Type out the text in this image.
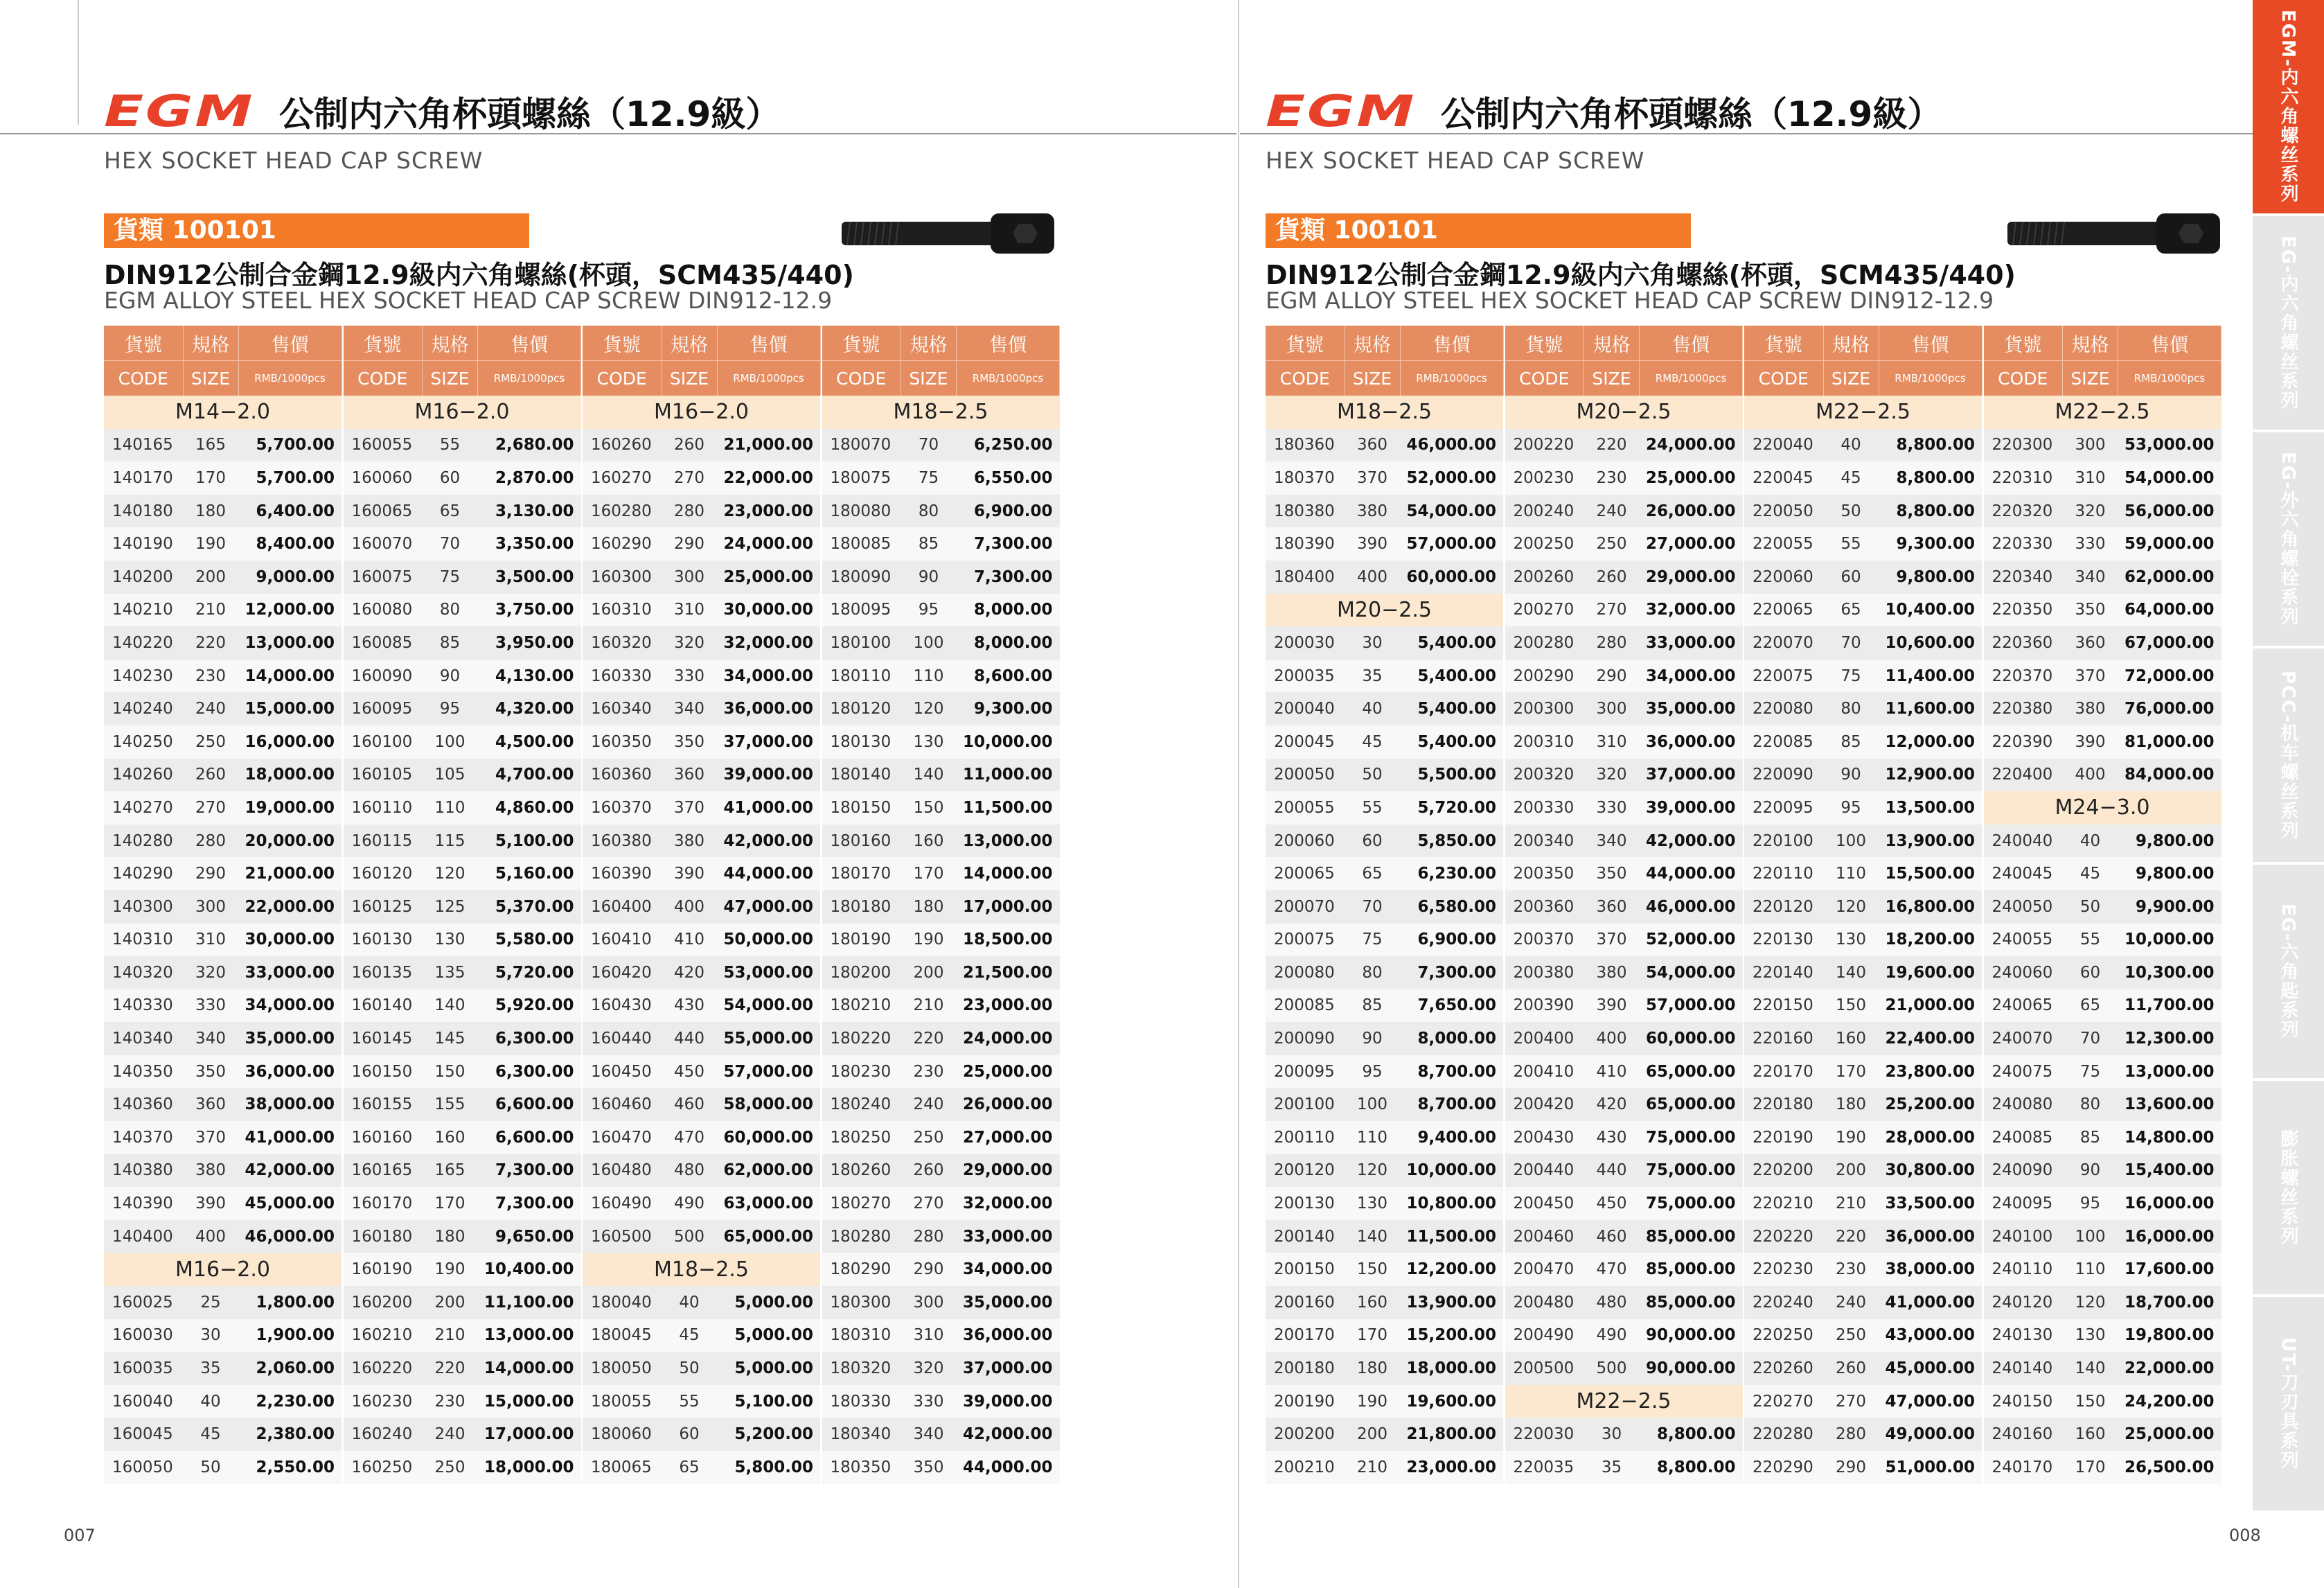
EGM 公制内六角杯頭螺絲（12.9級）
HEX SOCKET HEAD CAP SCREW
貨類 100101
DIN912公制合金鋼12.9級内六角螺絲(杯頭，SCM435/440)
EGM ALLOY STEEL HEX SOCKET HEAD CAP SCREW DIN912-12.9
貨號	規格	售價
CODE	SIZE	RMB/1000pcs
M14−2.0		
140165	165	5,700.00
140170	170	5,700.00
140180	180	6,400.00
140190	190	8,400.00
140200	200	9,000.00
140210	210	12,000.00
140220	220	13,000.00
140230	230	14,000.00
140240	240	15,000.00
140250	250	16,000.00
140260	260	18,000.00
140270	270	19,000.00
140280	280	20,000.00
140290	290	21,000.00
140300	300	22,000.00
140310	310	30,000.00
140320	320	33,000.00
140330	330	34,000.00
140340	340	35,000.00
140350	350	36,000.00
140360	360	38,000.00
140370	370	41,000.00
140380	380	42,000.00
140390	390	45,000.00
140400	400	46,000.00
M16−2.0		
160025	25	1,800.00
160030	30	1,900.00
160035	35	2,060.00
160040	40	2,230.00
160045	45	2,380.00
160050	50	2,550.00
貨號	規格	售價
CODE	SIZE	RMB/1000pcs
M16−2.0		
160055	55	2,680.00
160060	60	2,870.00
160065	65	3,130.00
160070	70	3,350.00
160075	75	3,500.00
160080	80	3,750.00
160085	85	3,950.00
160090	90	4,130.00
160095	95	4,320.00
160100	100	4,500.00
160105	105	4,700.00
160110	110	4,860.00
160115	115	5,100.00
160120	120	5,160.00
160125	125	5,370.00
160130	130	5,580.00
160135	135	5,720.00
160140	140	5,920.00
160145	145	6,300.00
160150	150	6,300.00
160155	155	6,600.00
160160	160	6,600.00
160165	165	7,300.00
160170	170	7,300.00
160180	180	9,650.00
160190	190	10,400.00
160200	200	11,100.00
160210	210	13,000.00
160220	220	14,000.00
160230	230	15,000.00
160240	240	17,000.00
160250	250	18,000.00
貨號	規格	售價
CODE	SIZE	RMB/1000pcs
M16−2.0		
160260	260	21,000.00
160270	270	22,000.00
160280	280	23,000.00
160290	290	24,000.00
160300	300	25,000.00
160310	310	30,000.00
160320	320	32,000.00
160330	330	34,000.00
160340	340	36,000.00
160350	350	37,000.00
160360	360	39,000.00
160370	370	41,000.00
160380	380	42,000.00
160390	390	44,000.00
160400	400	47,000.00
160410	410	50,000.00
160420	420	53,000.00
160430	430	54,000.00
160440	440	55,000.00
160450	450	57,000.00
160460	460	58,000.00
160470	470	60,000.00
160480	480	62,000.00
160490	490	63,000.00
160500	500	65,000.00
M18−2.5		
180040	40	5,000.00
180045	45	5,000.00
180050	50	5,000.00
180055	55	5,100.00
180060	60	5,200.00
180065	65	5,800.00
貨號	規格	售價
CODE	SIZE	RMB/1000pcs
M18−2.5		
180070	70	6,250.00
180075	75	6,550.00
180080	80	6,900.00
180085	85	7,300.00
180090	90	7,300.00
180095	95	8,000.00
180100	100	8,000.00
180110	110	8,600.00
180120	120	9,300.00
180130	130	10,000.00
180140	140	11,000.00
180150	150	11,500.00
180160	160	13,000.00
180170	170	14,000.00
180180	180	17,000.00
180190	190	18,500.00
180200	200	21,500.00
180210	210	23,000.00
180220	220	24,000.00
180230	230	25,000.00
180240	240	26,000.00
180250	250	27,000.00
180260	260	29,000.00
180270	270	32,000.00
180280	280	33,000.00
180290	290	34,000.00
180300	300	35,000.00
180310	310	36,000.00
180320	320	37,000.00
180330	330	39,000.00
180340	340	42,000.00
180350	350	44,000.00
007
EGM 公制内六角杯頭螺絲（12.9級）
HEX SOCKET HEAD CAP SCREW
貨類 100101
DIN912公制合金鋼12.9級内六角螺絲(杯頭，SCM435/440)
EGM ALLOY STEEL HEX SOCKET HEAD CAP SCREW DIN912-12.9
貨號	規格	售價
CODE	SIZE	RMB/1000pcs
M18−2.5		
180360	360	46,000.00
180370	370	52,000.00
180380	380	54,000.00
180390	390	57,000.00
180400	400	60,000.00
M20−2.5		
200030	30	5,400.00
200035	35	5,400.00
200040	40	5,400.00
200045	45	5,400.00
200050	50	5,500.00
200055	55	5,720.00
200060	60	5,850.00
200065	65	6,230.00
200070	70	6,580.00
200075	75	6,900.00
200080	80	7,300.00
200085	85	7,650.00
200090	90	8,000.00
200095	95	8,700.00
200100	100	8,700.00
200110	110	9,400.00
200120	120	10,000.00
200130	130	10,800.00
200140	140	11,500.00
200150	150	12,200.00
200160	160	13,900.00
200170	170	15,200.00
200180	180	18,000.00
200190	190	19,600.00
200200	200	21,800.00
200210	210	23,000.00
貨號	規格	售價
CODE	SIZE	RMB/1000pcs
M20−2.5		
200220	220	24,000.00
200230	230	25,000.00
200240	240	26,000.00
200250	250	27,000.00
200260	260	29,000.00
200270	270	32,000.00
200280	280	33,000.00
200290	290	34,000.00
200300	300	35,000.00
200310	310	36,000.00
200320	320	37,000.00
200330	330	39,000.00
200340	340	42,000.00
200350	350	44,000.00
200360	360	46,000.00
200370	370	52,000.00
200380	380	54,000.00
200390	390	57,000.00
200400	400	60,000.00
200410	410	65,000.00
200420	420	65,000.00
200430	430	75,000.00
200440	440	75,000.00
200450	450	75,000.00
200460	460	85,000.00
200470	470	85,000.00
200480	480	85,000.00
200490	490	90,000.00
200500	500	90,000.00
M22−2.5		
220030	30	8,800.00
220035	35	8,800.00
貨號	規格	售價
CODE	SIZE	RMB/1000pcs
M22−2.5		
220040	40	8,800.00
220045	45	8,800.00
220050	50	8,800.00
220055	55	9,300.00
220060	60	9,800.00
220065	65	10,400.00
220070	70	10,600.00
220075	75	11,400.00
220080	80	11,600.00
220085	85	12,000.00
220090	90	12,900.00
220095	95	13,500.00
220100	100	13,900.00
220110	110	15,500.00
220120	120	16,800.00
220130	130	18,200.00
220140	140	19,600.00
220150	150	21,000.00
220160	160	22,400.00
220170	170	23,800.00
220180	180	25,200.00
220190	190	28,000.00
220200	200	30,800.00
220210	210	33,500.00
220220	220	36,000.00
220230	230	38,000.00
220240	240	41,000.00
220250	250	43,000.00
220260	260	45,000.00
220270	270	47,000.00
220280	280	49,000.00
220290	290	51,000.00
貨號	規格	售價
CODE	SIZE	RMB/1000pcs
M22−2.5		
220300	300	53,000.00
220310	310	54,000.00
220320	320	56,000.00
220330	330	59,000.00
220340	340	62,000.00
220350	350	64,000.00
220360	360	67,000.00
220370	370	72,000.00
220380	380	76,000.00
220390	390	81,000.00
220400	400	84,000.00
M24−3.0		
240040	40	9,800.00
240045	45	9,800.00
240050	50	9,900.00
240055	55	10,000.00
240060	60	10,300.00
240065	65	11,700.00
240070	70	12,300.00
240075	75	13,000.00
240080	80	13,600.00
240085	85	14,800.00
240090	90	15,400.00
240095	95	16,000.00
240100	100	16,000.00
240110	110	17,600.00
240120	120	18,700.00
240130	130	19,800.00
240140	140	22,000.00
240150	150	24,200.00
240160	160	25,000.00
240170	170	26,500.00
008
EGM-内六角螺丝系列
EG-内六角螺丝系列
EG-外六角螺栓系列
PCC-机车螺丝系列
EG-六角匙系列
膨胀螺丝系列
UT-刀刃具系列
